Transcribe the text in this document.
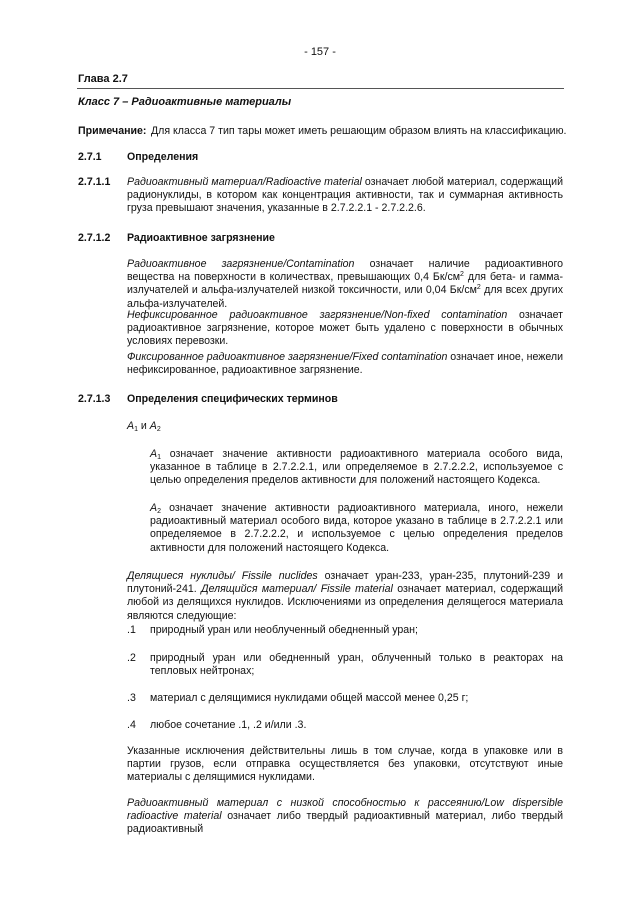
- 157 -
Глава 2.7
Класс 7 – Радиоактивные материалы
Примечание: Для класса 7 тип тары может иметь решающим образом влиять на классификацию.
2.7.1 Определения
2.7.1.1 Радиоактивный материал/Radioactive material означает любой материал, содержащий радионуклиды, в котором как концентрация активности, так и суммарная активность груза превышают значения, указанные в 2.7.2.2.1 - 2.7.2.2.6.
2.7.1.2 Радиоактивное загрязнение
Радиоактивное загрязнение/Contamination означает наличие радиоактивного вещества на поверхности в количествах, превышающих 0,4 $Бк/см^2$ для бета- и гамма-излучателей и альфа-излучателей низкой токсичности, или 0,04 $Бк/см^2$ для всех других альфа-излучателей.
Нефиксированное радиоактивное загрязнение/Non-fixed contamination означает радиоактивное загрязнение, которое может быть удалено с поверхности в обычных условиях перевозки.
Фиксированное радиоактивное загрязнение/Fixed contamination означает иное, нежели нефиксированное, радиоактивное загрязнение.
2.7.1.3 Определения специфических терминов
$A_1$ и $A_2$
$A_1$ означает значение активности радиоактивного материала особого вида, указанное в таблице в 2.7.2.2.1, или определяемое в 2.7.2.2.2, используемое с целью определения пределов активности для положений настоящего Кодекса.
$A_2$ означает значение активности радиоактивного материала, иного, нежели радиоактивный материал особого вида, которое указано в таблице в 2.7.2.2.1 или определяемое в 2.7.2.2.2, и используемое с целью определения пределов активности для положений настоящего Кодекса.
Делящиеся нуклиды/ Fissile nuclides означает уран-233, уран-235, плутоний-239 и плутоний-241. Делящийся материал/ Fissile material означает материал, содержащий любой из делящихся нуклидов. Исключениями из определения делящегося материала являются следующие:
.1 природный уран или необлученный обедненный уран;
.2 природный уран или обедненный уран, облученный только в реакторах на тепловых нейтронах;
.3 материал с делящимися нуклидами общей массой менее 0,25 г;
.4 любое сочетание .1, .2 и/или .3.
Указанные исключения действительны лишь в том случае, когда в упаковке или в партии грузов, если отправка осуществляется без упаковки, отсутствуют иные материалы с делящимися нуклидами.
Радиоактивный материал с низкой способностью к рассеянию/Low dispersible radioactive material означает либо твердый радиоактивный материал, либо твердый радиоактивный
